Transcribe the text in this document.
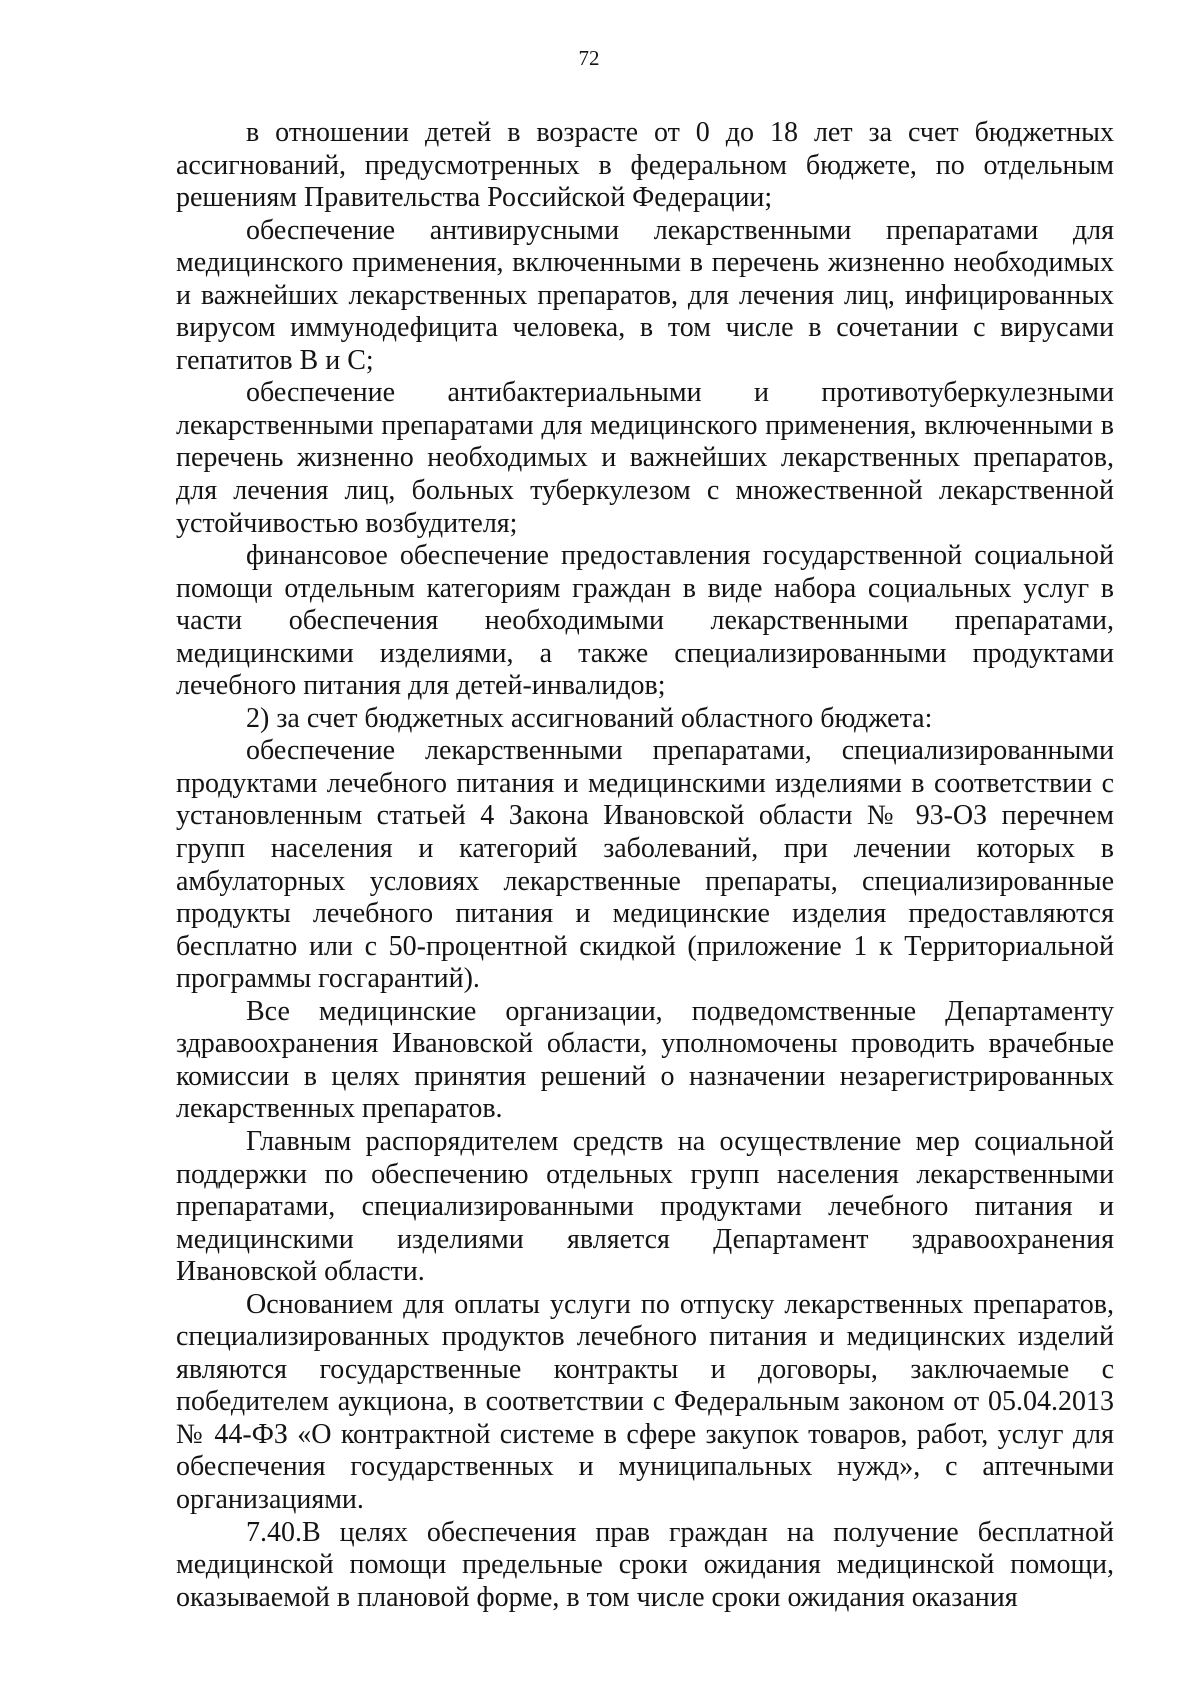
72

в отношении детей в возрасте от 0 до 18 лет за счет бюджетных ассигнований, предусмотренных в федеральном бюджете, по отдельным решениям Правительства Российской Федерации;

обеспечение антивирусными лекарственными препаратами для медицинского применения, включенными в перечень жизненно необходимых и важнейших лекарственных препаратов, для лечения лиц, инфицированных вирусом иммунодефицита человека, в том числе в сочетании с вирусами гепатитов B и C;

обеспечение антибактериальными и противотуберкулезными лекарственными препаратами для медицинского применения, включенными в перечень жизненно необходимых и важнейших лекарственных препаратов, для лечения лиц, больных туберкулезом с множественной лекарственной устойчивостью возбудителя;

финансовое обеспечение предоставления государственной социальной помощи отдельным категориям граждан в виде набора социальных услуг в части обеспечения необходимыми лекарственными препаратами, медицинскими изделиями, а также специализированными продуктами лечебного питания для детей-инвалидов;

2) за счет бюджетных ассигнований областного бюджета:

обеспечение лекарственными препаратами, специализированными продуктами лечебного питания и медицинскими изделиями в соответствии с установленным статьей 4 Закона Ивановской области № 93-ОЗ перечнем групп населения и категорий заболеваний, при лечении которых в амбулаторных условиях лекарственные препараты, специализированные продукты лечебного питания и медицинские изделия предоставляются бесплатно или с 50-процентной скидкой (приложение 1 к Территориальной программы госгарантий).

Все медицинские организации, подведомственные Департаменту здравоохранения Ивановской области, уполномочены проводить врачебные комиссии в целях принятия решений о назначении незарегистрированных лекарственных препаратов.

Главным распорядителем средств на осуществление мер социальной поддержки по обеспечению отдельных групп населения лекарственными препаратами, специализированными продуктами лечебного питания и медицинскими изделиями является Департамент здравоохранения Ивановской области.

Основанием для оплаты услуги по отпуску лекарственных препаратов, специализированных продуктов лечебного питания и медицинских изделий являются государственные контракты и договоры, заключаемые с победителем аукциона, в соответствии с Федеральным законом от 05.04.2013 № 44-ФЗ «О контрактной системе в сфере закупок товаров, работ, услуг для обеспечения государственных и муниципальных нужд», с аптечными организациями.

7.40.В целях обеспечения прав граждан на получение бесплатной медицинской помощи предельные сроки ожидания медицинской помощи, оказываемой в плановой форме, в том числе сроки ожидания оказания
